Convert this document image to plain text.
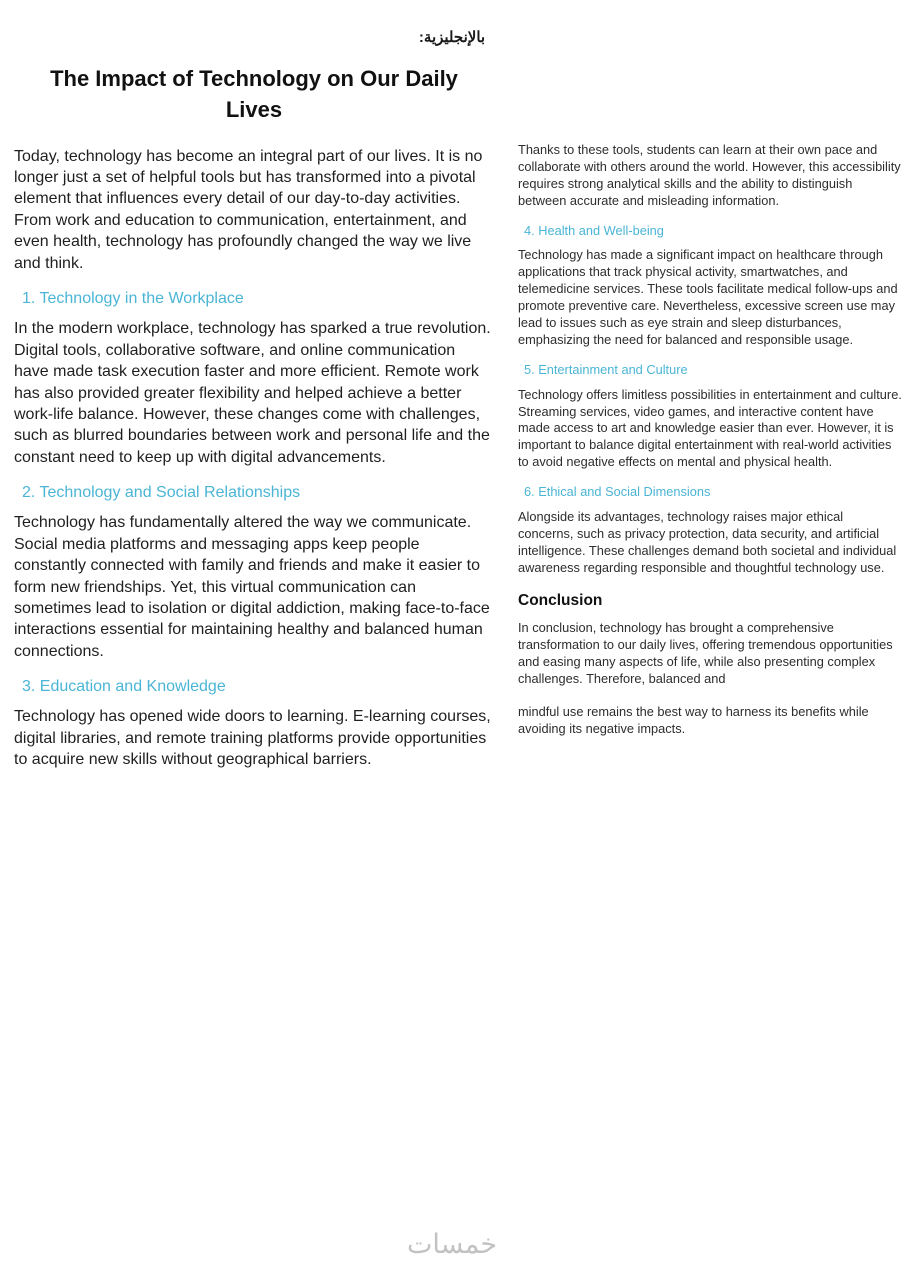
بالإنجليزية:
The Impact of Technology on Our Daily Lives

Today, technology has become an integral part of our lives. It is no longer just a set of helpful tools but has transformed into a pivotal element that influences every detail of our day-to-day activities. From work and education to communication, entertainment, and even health, technology has profoundly changed the way we live and think.

1. Technology in the Workplace

In the modern workplace, technology has sparked a true revolution. Digital tools, collaborative software, and online communication have made task execution faster and more efficient. Remote work has also provided greater flexibility and helped achieve a better work-life balance. However, these changes come with challenges, such as blurred boundaries between work and personal life and the constant need to keep up with digital advancements.

2. Technology and Social Relationships

Technology has fundamentally altered the way we communicate. Social media platforms and messaging apps keep people constantly connected with family and friends and make it easier to form new friendships. Yet, this virtual communication can sometimes lead to isolation or digital addiction, making face-to-face interactions essential for maintaining healthy and balanced human connections.

3. Education and Knowledge

Technology has opened wide doors to learning. E-learning courses, digital libraries, and remote training platforms provide opportunities to acquire new skills without geographical barriers.

Thanks to these tools, students can learn at their own pace and collaborate with others around the world. However, this accessibility requires strong analytical skills and the ability to distinguish between accurate and misleading information.

4. Health and Well-being

Technology has made a significant impact on healthcare through applications that track physical activity, smartwatches, and telemedicine services. These tools facilitate medical follow-ups and promote preventive care. Nevertheless, excessive screen use may lead to issues such as eye strain and sleep disturbances, emphasizing the need for balanced and responsible usage.

5. Entertainment and Culture

Technology offers limitless possibilities in entertainment and culture. Streaming services, video games, and interactive content have made access to art and knowledge easier than ever. However, it is important to balance digital entertainment with real-world activities to avoid negative effects on mental and physical health.

6. Ethical and Social Dimensions

Alongside its advantages, technology raises major ethical concerns, such as privacy protection, data security, and artificial intelligence. These challenges demand both societal and individual awareness regarding responsible and thoughtful technology use.

Conclusion

In conclusion, technology has brought a comprehensive transformation to our daily lives, offering tremendous opportunities and easing many aspects of life, while also presenting complex challenges. Therefore, balanced and

mindful use remains the best way to harness its benefits while avoiding its negative impacts.

خمسات
